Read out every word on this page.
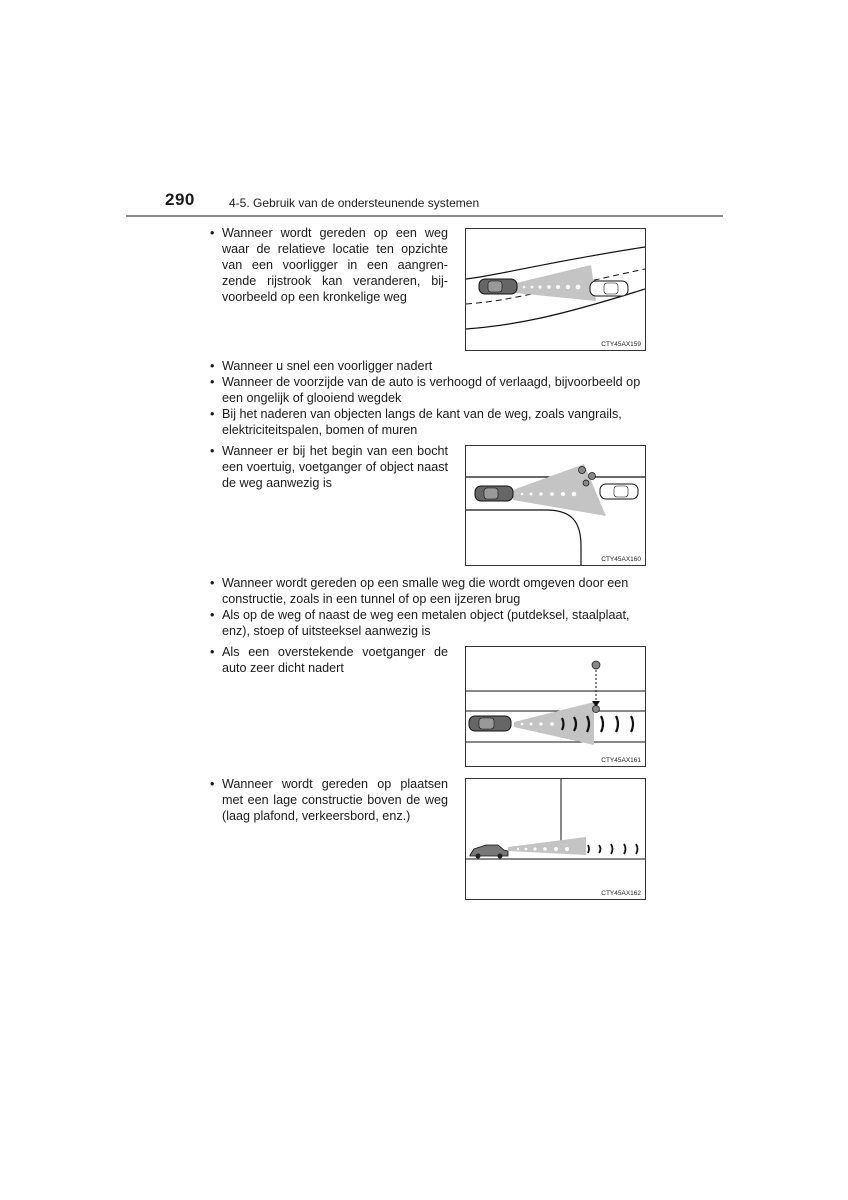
290	4-5. Gebruik van de ondersteunende systemen
• Wanneer wordt gereden op een weg waar de relatieve locatie ten opzichte van een voorligger in een aangren-zende rijstrook kan veranderen, bij-voorbeeld op een kronkelige weg
CTY45AX159
• Wanneer u snel een voorligger nadert
• Wanneer de voorzijde van de auto is verhoogd of verlaagd, bijvoorbeeld op een ongelijk of glooiend wegdek
• Bij het naderen van objecten langs de kant van de weg, zoals vangrails, elektriciteitspalen, bomen of muren
• Wanneer er bij het begin van een bocht een voertuig, voetganger of object naast de weg aanwezig is
CTY45AX160
• Wanneer wordt gereden op een smalle weg die wordt omgeven door een constructie, zoals in een tunnel of op een ijzeren brug
• Als op de weg of naast de weg een metalen object (putdeksel, staalplaat, enz), stoep of uitsteeksel aanwezig is
• Als een overstekende voetganger de auto zeer dicht nadert
CTY45AX161
• Wanneer wordt gereden op plaatsen met een lage constructie boven de weg (laag plafond, verkeersbord, enz.)
CTY45AX162
